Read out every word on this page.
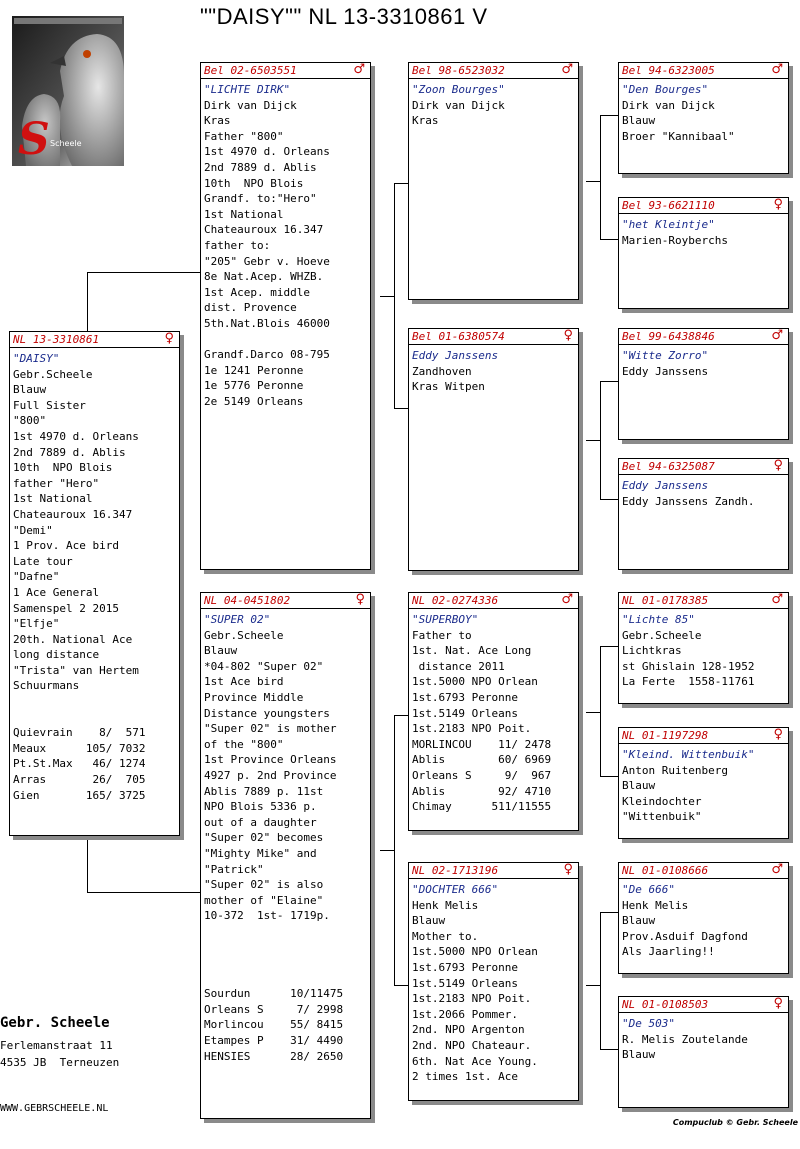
""DAISY"" NL 13-3310861 V
S Scheele
NL 13-3310861	♀
"DAISY"
Gebr.Scheele
Blauw
Full Sister
"800"
1st 4970 d. Orleans
2nd 7889 d. Ablis
10th  NPO Blois
father "Hero"
1st National
Chateauroux 16.347
"Demi"
1 Prov. Ace bird
Late tour
"Dafne"
1 Ace General
Samenspel 2 2015
"Elfje"
20th. National Ace
long distance
"Trista" van Hertem
Schuurmans
Quievrain    8/  571
Meaux      105/ 7032
Pt.St.Max   46/ 1274
Arras       26/  705
Gien       165/ 3725
Bel 02-6503551	♂
"LICHTE DIRK"
Dirk van Dijck
Kras
Father "800"
1st 4970 d. Orleans
2nd 7889 d. Ablis
10th  NPO Blois
Grandf. to:"Hero"
1st National
Chateauroux 16.347
father to:
"205" Gebr v. Hoeve
8e Nat.Acep. WHZB.
1st Acep. middle
dist. Provence
5th.Nat.Blois 46000
Grandf.Darco 08-795
1e 1241 Peronne
1e 5776 Peronne
2e 5149 Orleans
NL 04-0451802	♀
"SUPER 02"
Gebr.Scheele
Blauw
*04-802 "Super 02"
1st Ace bird
Province Middle
Distance youngsters
"Super 02" is mother
of the "800"
1st Province Orleans
4927 p. 2nd Province
Ablis 7889 p. 11st
NPO Blois 5336 p.
out of a daughter
"Super 02" becomes
"Mighty Mike" and
"Patrick"
"Super 02" is also
mother of "Elaine"
10-372  1st- 1719p.
Sourdun      10/11475
Orleans S     7/ 2998
Morlincou    55/ 8415
Etampes P    31/ 4490
HENSIES      28/ 2650
Bel 98-6523032	♂
"Zoon Bourges"
Dirk van Dijck
Kras
Bel 01-6380574	♀
Eddy Janssens
Zandhoven
Kras Witpen
NL 02-0274336	♂
"SUPERBOY"
Father to
1st. Nat. Ace Long
distance 2011
1st.5000 NPO Orlean
1st.6793 Peronne
1st.5149 Orleans
1st.2183 NPO Poit.
MORLINCOU    11/ 2478
Ablis        60/ 6969
Orleans S     9/  967
Ablis        92/ 4710
Chimay      511/11555
NL 02-1713196	♀
"DOCHTER 666"
Henk Melis
Blauw
Mother to.
1st.5000 NPO Orlean
1st.6793 Peronne
1st.5149 Orleans
1st.2183 NPO Poit.
1st.2066 Pommer.
2nd. NPO Argenton
2nd. NPO Chateaur.
6th. Nat Ace Young.
2 times 1st. Ace
Bel 94-6323005	♂
"Den Bourges"
Dirk van Dijck
Blauw
Broer "Kannibaal"
Bel 93-6621110	♀
"het Kleintje"
Marien-Royberchs
Bel 99-6438846	♂
"Witte Zorro"
Eddy Janssens
Bel 94-6325087	♀
Eddy Janssens
Eddy Janssens Zandh.
NL 01-0178385	♂
"Lichte 85"
Gebr.Scheele
Lichtkras
st Ghislain 128-1952
La Ferte  1558-11761
NL 01-1197298	♀
"Kleind. Wittenbuik"
Anton Ruitenberg
Blauw
Kleindochter
"Wittenbuik"
NL 01-0108666	♂
"De 666"
Henk Melis
Blauw
Prov.Asduif Dagfond
Als Jaarling!!
NL 01-0108503	♀
"De 503"
R. Melis Zoutelande
Blauw
Gebr. Scheele
Ferlemanstraat 11
4535 JB  Terneuzen
WWW.GEBRSCHEELE.NL
Compuclub © Gebr. Scheele
